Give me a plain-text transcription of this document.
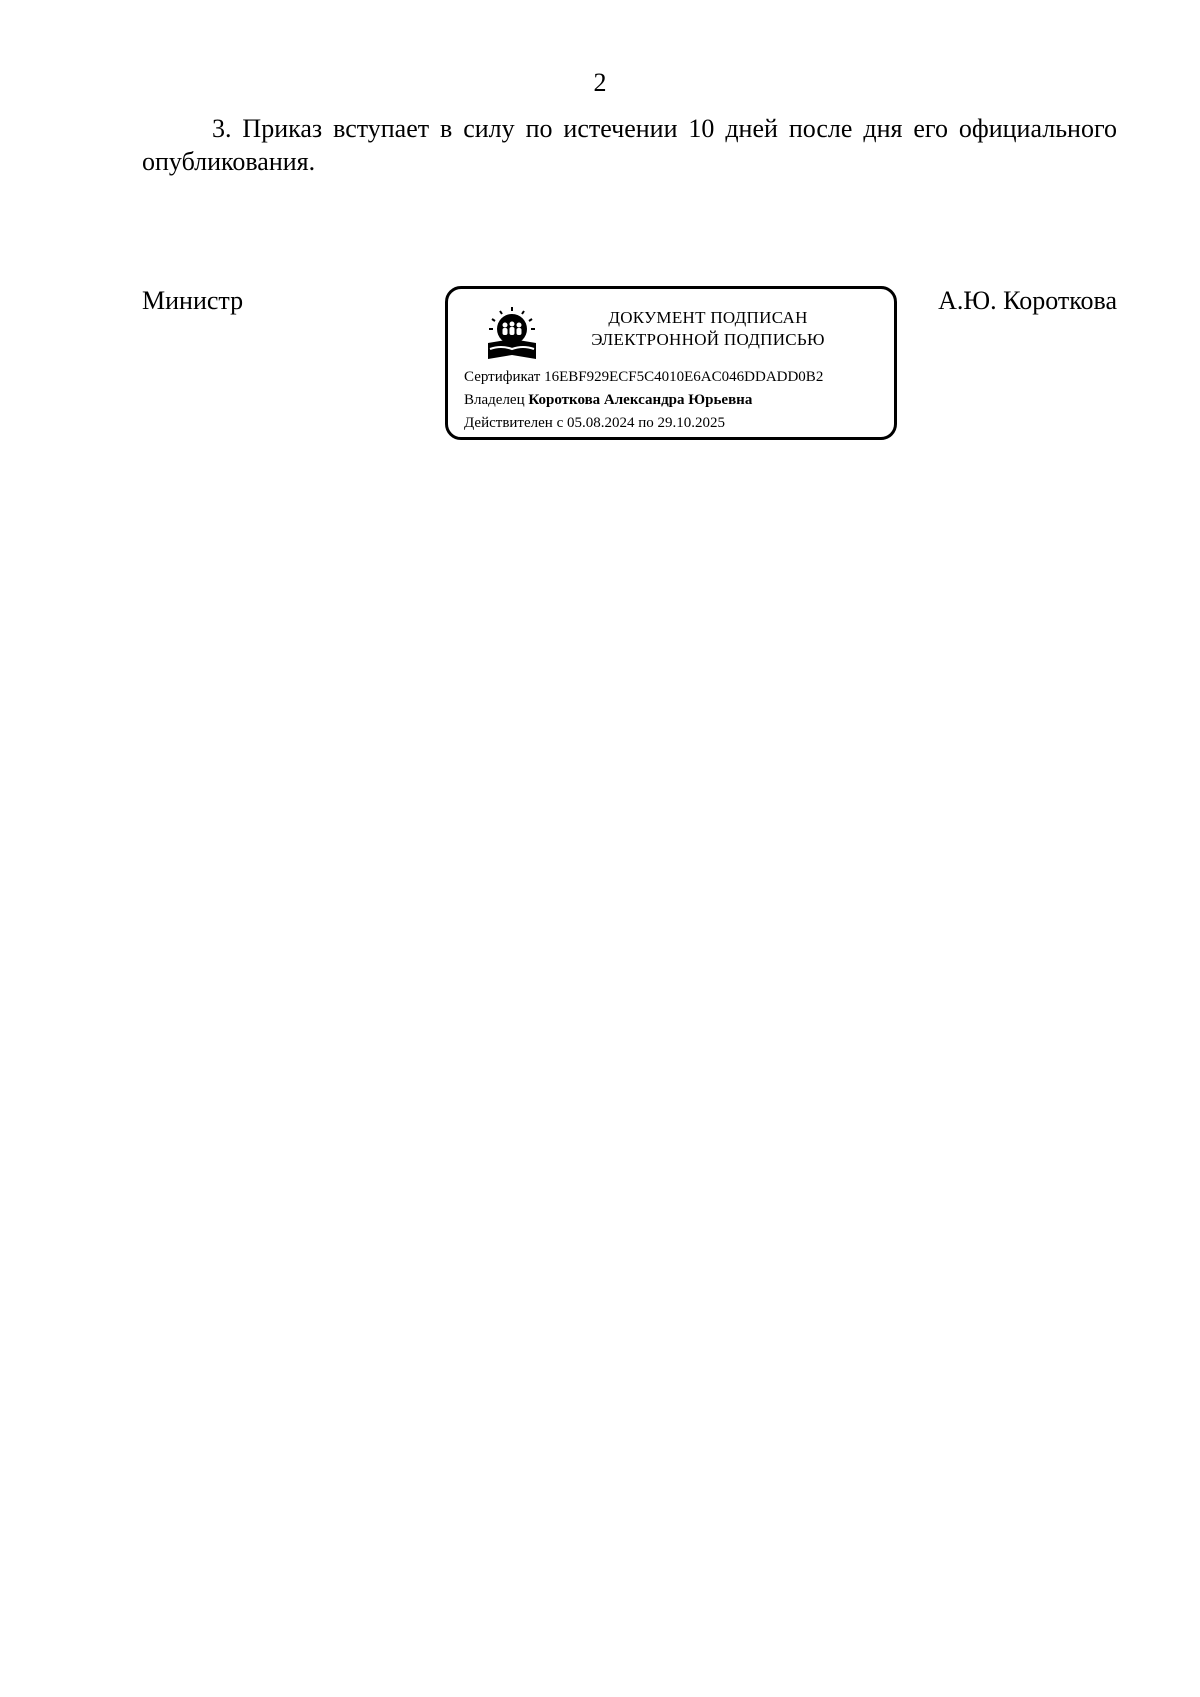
2

3. Приказ вступает в силу по истечении 10 дней после дня его официального опубликования.

Министр
ДОКУМЕНТ ПОДПИСАН
ЭЛЕКТРОННОЙ ПОДПИСЬЮ
Сертификат 16EBF929ECF5C4010E6AC046DDADD0B2
Владелец Короткова Александра Юрьевна
Действителен с 05.08.2024 по 29.10.2025
А.Ю. Короткова
